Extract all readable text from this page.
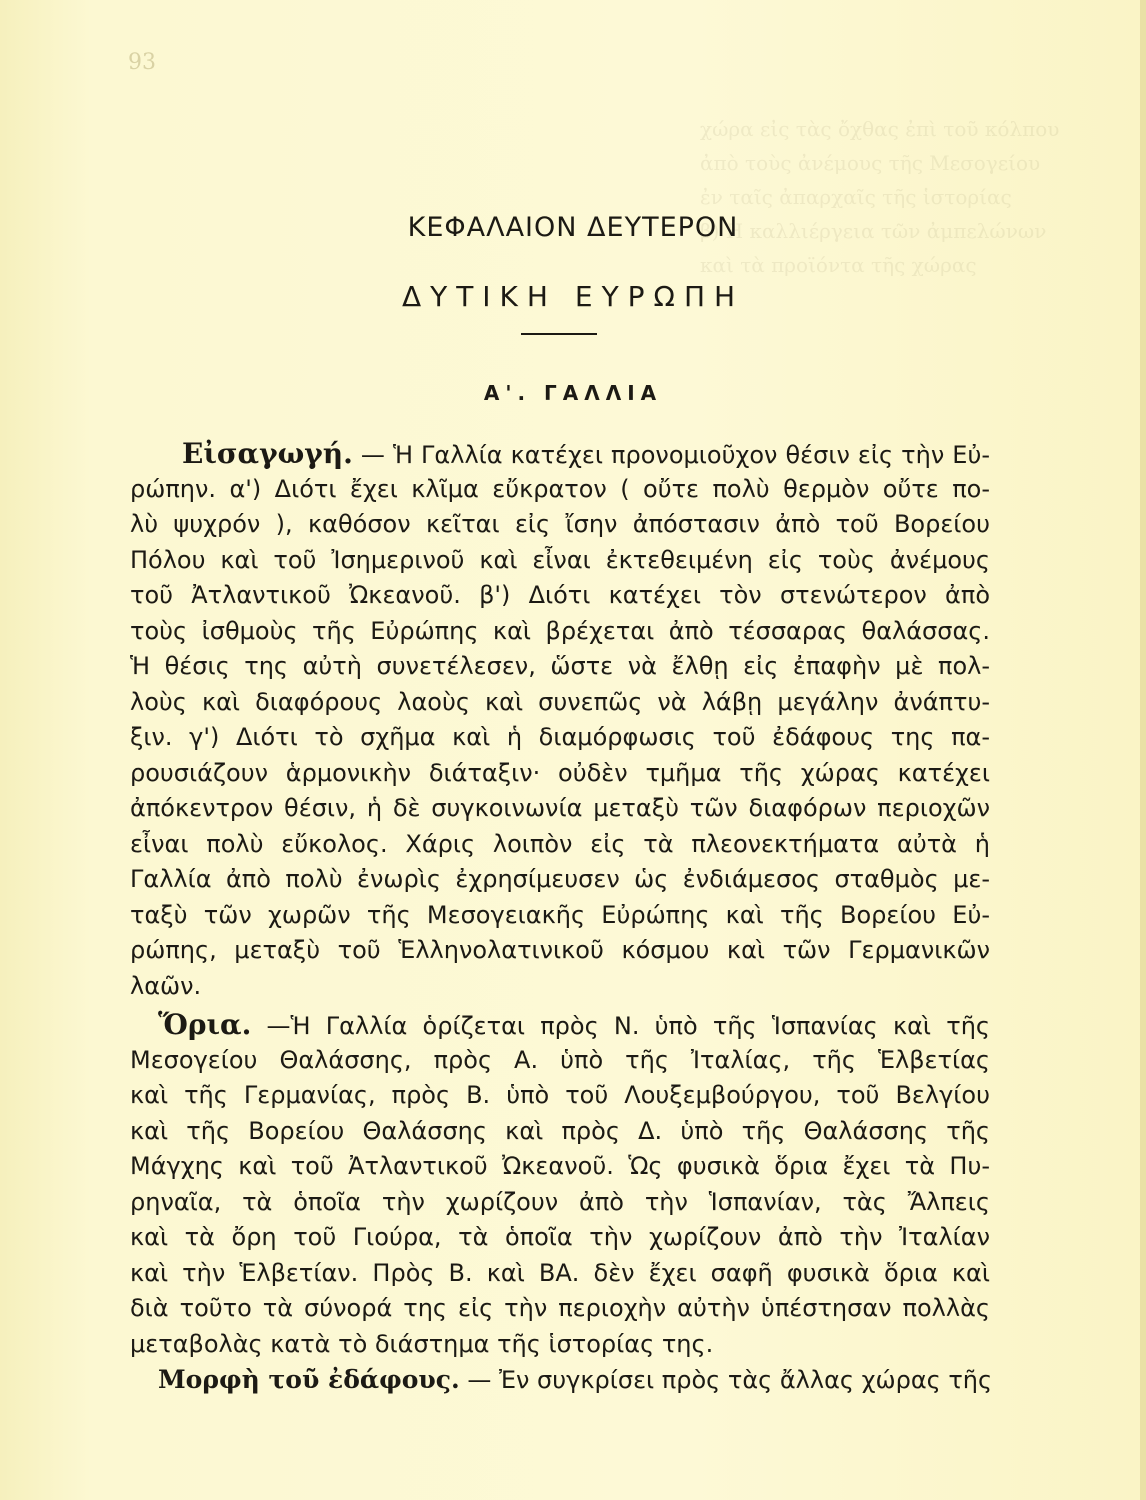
93
χώρα εἰς τὰς ὄχθας ἐπὶ τοῦ κόλπου
ἀπὸ τοὺς ἀνέμους τῆς Μεσογείου
ἐν ταῖς ἀπαρχαῖς τῆς ἱστορίας
β) Η καλλιέργεια τῶν ἀμπελώνων
καὶ τὰ προϊόντα τῆς χώρας
ΚΕΦΑΛΑΙΟΝ ΔΕΥΤΕΡΟΝ
ΔΥΤΙΚΗ ΕΥΡΩΠΗ
Α'. ΓΑΛΛΙΑ
Εἰσαγωγή. — Ἡ Γαλλία κατέχει προνομιοῦχον θέσιν εἰς τὴν Εὐ-
ρώπην. α') Διότι ἔχει κλῖμα εὔκρατον ( οὔτε πολὺ θερμὸν οὔτε πο-
λὺ ψυχρόν ), καθόσον κεῖται εἰς ἴσην ἀπόστασιν ἀπὸ τοῦ Βορείου
Πόλου καὶ τοῦ Ἰσημερινοῦ καὶ εἶναι ἐκτεθειμένη εἰς τοὺς ἀνέμους
τοῦ Ἀτλαντικοῦ Ὠκεανοῦ. β') Διότι κατέχει τὸν στενώτερον ἀπὸ
τοὺς ἰσθμοὺς τῆς Εὐρώπης καὶ βρέχεται ἀπὸ τέσσαρας θαλάσσας.
Ἡ θέσις της αὐτὴ συνετέλεσεν, ὥστε νὰ ἔλθῃ εἰς ἐπαφὴν μὲ πολ-
λοὺς καὶ διαφόρους λαοὺς καὶ συνεπῶς νὰ λάβῃ μεγάλην ἀνάπτυ-
ξιν. γ') Διότι τὸ σχῆμα καὶ ἡ διαμόρφωσις τοῦ ἐδάφους της πα-
ρουσιάζουν ἁρμονικὴν διάταξιν· οὐδὲν τμῆμα τῆς χώρας κατέχει
ἀπόκεντρον θέσιν, ἡ δὲ συγκοινωνία μεταξὺ τῶν διαφόρων περιοχῶν
εἶναι πολὺ εὔκολος. Χάρις λοιπὸν εἰς τὰ πλεονεκτήματα αὐτὰ ἡ
Γαλλία ἀπὸ πολὺ ἐνωρὶς ἐχρησίμευσεν ὡς ἐνδιάμεσος σταθμὸς με-
ταξὺ τῶν χωρῶν τῆς Μεσογειακῆς Εὐρώπης καὶ τῆς Βορείου Εὐ-
ρώπης, μεταξὺ τοῦ Ἑλληνολατινικοῦ κόσμου καὶ τῶν Γερμανικῶν
λαῶν.
Ὅρια. —Ἡ Γαλλία ὁρίζεται πρὸς Ν. ὑπὸ τῆς Ἱσπανίας καὶ τῆς
Μεσογείου Θαλάσσης, πρὸς Α. ὑπὸ τῆς Ἰταλίας, τῆς Ἑλβετίας
καὶ τῆς Γερμανίας, πρὸς Β. ὑπὸ τοῦ Λουξεμβούργου, τοῦ Βελγίου
καὶ τῆς Βορείου Θαλάσσης καὶ πρὸς Δ. ὑπὸ τῆς Θαλάσσης τῆς
Μάγχης καὶ τοῦ Ἀτλαντικοῦ Ὠκεανοῦ. Ὡς φυσικὰ ὅρια ἔχει τὰ Πυ-
ρηναῖα, τὰ ὁποῖα τὴν χωρίζουν ἀπὸ τὴν Ἱσπανίαν, τὰς Ἄλπεις
καὶ τὰ ὄρη τοῦ Γιούρα, τὰ ὁποῖα τὴν χωρίζουν ἀπὸ τὴν Ἰταλίαν
καὶ τὴν Ἑλβετίαν. Πρὸς Β. καὶ ΒΑ. δὲν ἔχει σαφῆ φυσικὰ ὅρια καὶ
διὰ τοῦτο τὰ σύνορά της εἰς τὴν περιοχὴν αὐτὴν ὑπέστησαν πολλὰς
μεταβολὰς κατὰ τὸ διάστημα τῆς ἱστορίας της.
Μορφὴ τοῦ ἐδάφους. — Ἐν συγκρίσει πρὸς τὰς ἄλλας χώρας τῆς
